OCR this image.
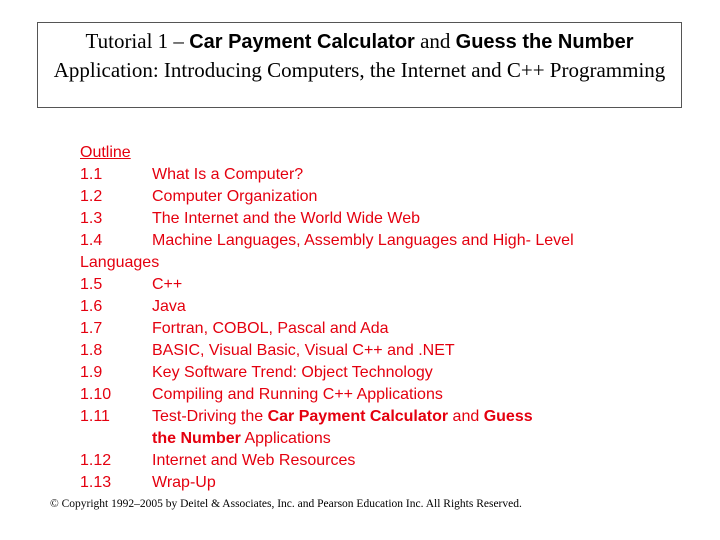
Tutorial 1 – Car Payment Calculator and Guess the Number Application: Introducing Computers, the Internet and C++ Programming
Outline
1.1	What Is a Computer?
1.2	Computer Organization
1.3	The Internet and the World Wide Web
1.4	Machine Languages, Assembly Languages and High- Level
Languages
1.5	C++
1.6	Java
1.7	Fortran, COBOL, Pascal and Ada
1.8	BASIC, Visual Basic, Visual C++ and .NET
1.9	Key Software Trend: Object Technology
1.10	Compiling and Running C++ Applications
1.11	Test-Driving the Car Payment Calculator and Guess
the Number Applications
1.12	Internet and Web Resources
1.13	Wrap-Up
© Copyright 1992–2005 by Deitel & Associates, Inc. and Pearson Education Inc. All Rights Reserved.
